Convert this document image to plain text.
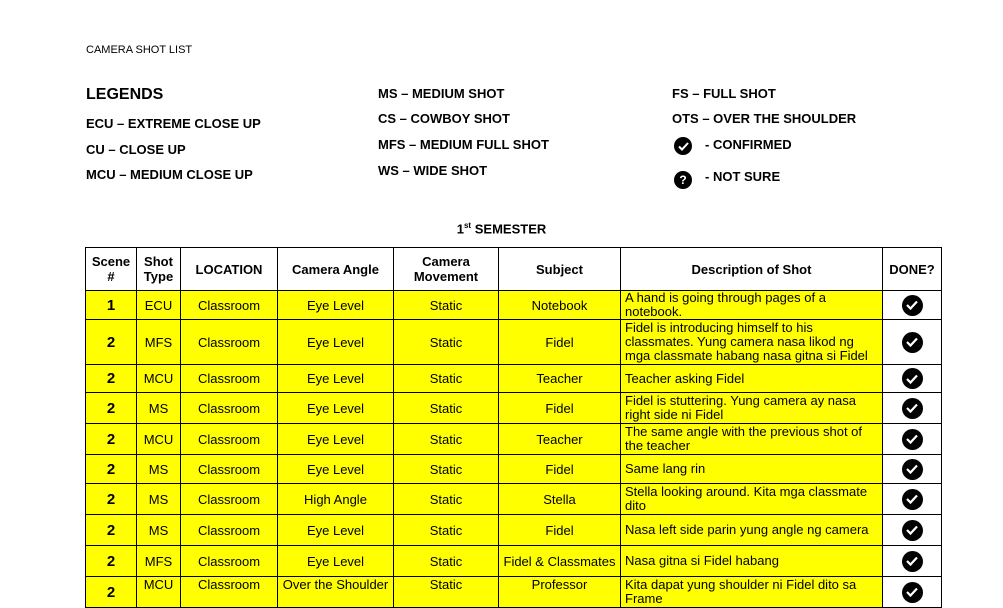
CAMERA SHOT LIST
LEGENDS
ECU – EXTREME CLOSE UP
CU – CLOSE UP
MCU – MEDIUM CLOSE UP
MS – MEDIUM SHOT
CS – COWBOY SHOT
MFS – MEDIUM FULL SHOT
WS – WIDE SHOT
FS – FULL SHOT
OTS – OVER THE SHOULDER
- CONFIRMED
?	- NOT SURE
1st SEMESTER
Scene #	Shot Type	LOCATION	Camera Angle	Camera Movement	Subject	Description of Shot	DONE?
1	ECU	Classroom	Eye Level	Static	Notebook	A hand is going through pages of a notebook.	

2	MFS	Classroom	Eye Level	Static	Fidel	Fidel is introducing himself to his classmates. Yung camera nasa likod ng mga classmate habang nasa gitna si Fidel	

2	MCU	Classroom	Eye Level	Static	Teacher	Teacher asking Fidel	

2	MS	Classroom	Eye Level	Static	Fidel	Fidel is stuttering. Yung camera ay nasa right side ni Fidel	

2	MCU	Classroom	Eye Level	Static	Teacher	The same angle with the previous shot of the teacher	

2	MS	Classroom	Eye Level	Static	Fidel	Same lang rin	

2	MS	Classroom	High Angle	Static	Stella	Stella looking around. Kita mga classmate dito	

2	MS	Classroom	Eye Level	Static	Fidel	Nasa left side parin yung angle ng camera	

2	MFS	Classroom	Eye Level	Static	Fidel & Classmates	Nasa gitna si Fidel habang	

2	MCU	Classroom	Over the Shoulder	Static	Professor	Kita dapat yung shoulder ni Fidel dito sa Frame	
